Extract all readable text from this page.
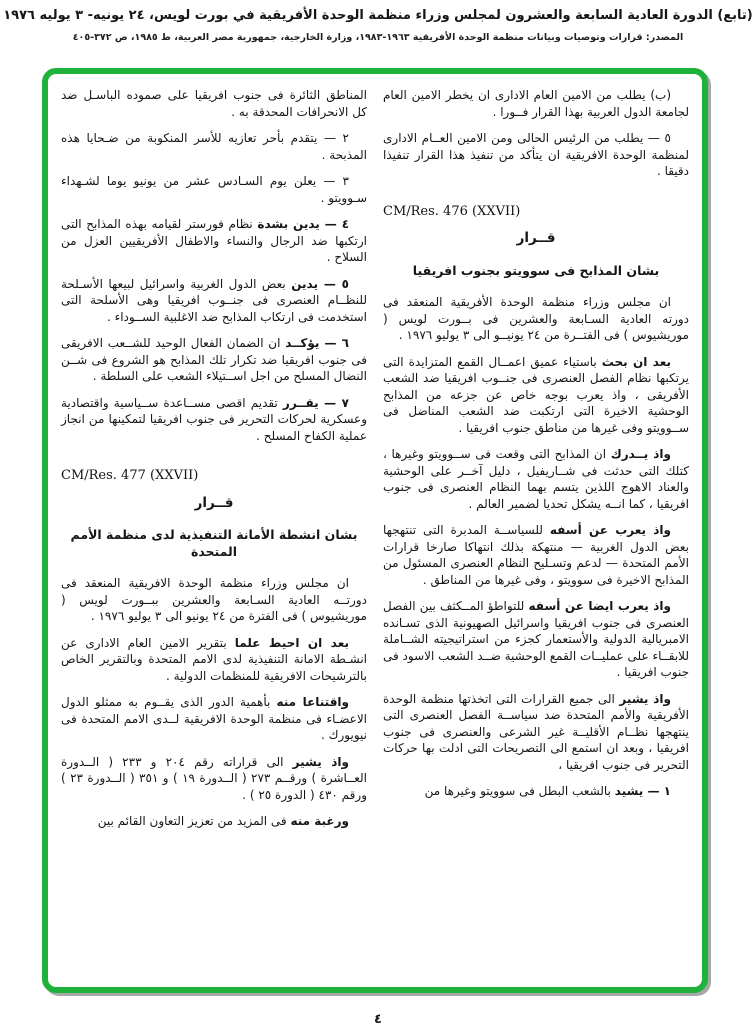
(تابع) الدورة العادية السابعة والعشرون لمجلس وزراء منظمة الوحدة الأفريقية في بورت لويس، ٢٤ يونيه- ٣ يوليه ١٩٧٦
المصدر: قرارات وتوصيات وبيانات منظمة الوحدة الأفريقية ١٩٦٣-١٩٨٣، وزارة الخارجية، جمهورية مصر العربية، ط ١٩٨٥، ص ٣٧٢-٤٠٥

(ب) يطلب من الامين العام الادارى ان يخطر الامين العام لجامعة الدول العربية بهذا القرار فــورا .

٥ — يطلب من الرئيس الحالى ومن الامين العــام الادارى لمنظمة الوحدة الافريقية ان يتأكد من تنفيذ هذا القرار تنفيذا دقيقا .

CM/Res. 476 (XXVII)

قــرار

بشان المذابح فى سوويتو بجنوب افريقيا

ان مجلس وزراء منظمة الوحدة الأفريقية المنعقد فى دورته العادية السـابعة والعشرين فى بــورت لويس ( موريشيوس ) فى الفتــرة من ٢٤ يونيــو الى ٣ يوليو ١٩٧٦ .

بعد ان بحث باستياء عميق اعمــال القمع المتزايدة التى يرتكبها نظام الفصل العنصرى فى جنــوب افريقيا ضد الشعب الأفريقى ، واذ يعرب بوجه خاص عن جزعه من المذابح الوحشية الاخيرة التى ارتكبت ضد الشعب المناضل فى ســوويتو وفى غيرها من مناطق جنوب افريقيا .

واذ يــدرك ان المذابح التى وقعت فى ســوويتو وغيرها ، كتلك التى حدثت فى شــاريفيل ، دليل آخــر على الوحشية والعناد الاهوج اللذين يتسم بهما النظام العنصرى فى جنوب افريقيا ، كما انــه يشكل تحديا لضمير العالم .

واذ يعرب عن أسفه للسياســة المدبرة التى تنتهجها بعض الدول الغربية — منتهكة بذلك انتهاكا صارخا قرارات الأمم المتحدة — لدعم وتسـليح النظام العنصرى المسئول من المذابح الاخيرة فى سوويتو ، وفى غيرها من المناطق .

واذ يعرب ايضا عن أسفه للتواطؤ المــكثف بين الفصل العنصرى فى جنوب افريقيا واسرائيل الصهيونية الذى تسـانده الامبريالية الدولية والأستعمار كجزء من استراتيجيته الشــاملة للابقــاء على عمليــات القمع الوحشية ضــد الشعب الاسود فى جنوب افريقيا .

واذ يشير الى جميع القرارات التى اتخذتها منظمة الوحدة الأفريقية والأمم المتحدة ضد سياســة الفصل العنصرى التى ينتهجها نظــام الأقليــة غير الشرعى والعنصرى فى جنوب افريقيا ، وبعد ان استمع الى التصريحات التى ادلت بها حركات التحرير فى جنوب افريقيا ،

١ — يشيد بالشعب البطل فى سوويتو وغيرها من

المناطق الثائرة فى جنوب افريقيا على صموده الباسـل ضد كل الانحرافات المحدقة به .

٢ — يتقدم بأحر تعازيه للأسر المنكوبة من ضـحايا هذه المذبحة .

٣ — يعلن يوم السـادس عشر من يونيو يوما لشـهداء سـوويتو .

٤ — يدين بشدة نظام فورستر لقيامه بهذه المذابح التى ارتكبها ضد الرجال والنساء والاطفال الأفريقيين العزل من السلاح .

٥ — يدين بعض الدول الغربية واسرائيل لبيعها الأسـلحة للنظــام العنصرى فى جنــوب افريقيا وهى الأسلحة التى استخدمت فى ارتكاب المذابح ضد الاغلبية الســوداء .

٦ — يؤكــد ان الضمان الفعال الوحيد للشــعب الافريقى فى جنوب افريقيا ضد تكرار تلك المذابح هو الشروع فى شــن النضال المسلح من اجل اســتيلاء الشعب على السلطة .

٧ — يقــرر تقديم اقصى مســاعدة ســياسية واقتصادية وعسكرية لحركات التحرير فى جنوب افريقيا لتمكينها من انجاز عملية الكفاح المسلح .

CM/Res. 477 (XXVII)

قــرار

بشان انشطة الأمانة التنفيذية لدى منظمة الأمم المتحدة

ان مجلس وزراء منظمة الوحدة الافريقية المنعقد فى دورتــه العادية السـابعة والعشرين ببــورت لويس ( موريشيوس ) فى الفترة من ٢٤ يونيو الى ٣ يوليو ١٩٧٦ .

بعد ان احيط علما بتقرير الامين العام الادارى عن انشـطة الامانة التنفيذية لدى الامم المتحدة وبالتقرير الخاص بالترشيحات الافريقية للمنظمات الدولية .

واقتناعا منه بأهمية الدور الذى يقــوم به ممثلو الدول الاعضـاء فى منظمة الوحدة الافريقية لــدى الامم المتحدة فى نيويورك .

واذ يشير الى قراراته رقم ٢٠٤ و ٢٣٣ ( الــدورة العــاشرة ) ورقــم ٢٧٣ ( الــدورة ١٩ ) و ٣٥١ ( الــدورة ٢٣ ) ورقم ٤٣٠ ( الدورة ٢٥ ) .

ورغبة منه فى المزيد من تعزيز التعاون القائم بين

٤
